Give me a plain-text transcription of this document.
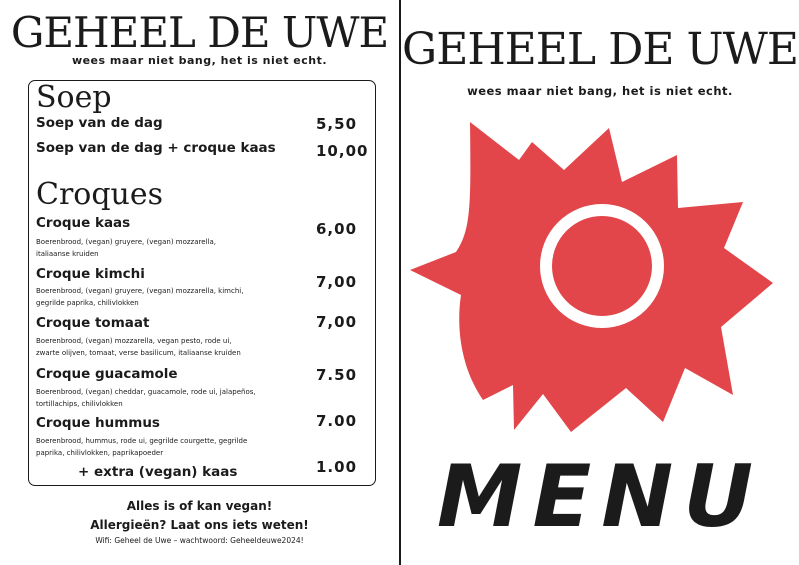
GEHEEL DE UWE
wees maar niet bang, het is niet echt.
Soep
Soep van de dag	5,50
Soep van de dag + croque kaas	10,00
Croques
Croque kaas	6,00
Boerenbrood, (vegan) gruyere, (vegan) mozzarella,
italiaanse kruiden
Croque kimchi	7,00
Boerenbrood, (vegan) gruyere, (vegan) mozzarella, kimchi,
gegrilde paprika, chilivlokken
Croque tomaat	7,00
Boerenbrood, (vegan) mozzarella, vegan pesto, rode ui,
zwarte olijven, tomaat, verse basilicum, italiaanse kruiden
Croque guacamole	7.50
Boerenbrood, (vegan) cheddar, guacamole, rode ui, jalapeños,
tortillachips, chilivlokken
Croque hummus	7.00
Boerenbrood, hummus, rode ui, gegrilde courgette, gegrilde
paprika, chilivlokken, paprikapoeder
+ extra (vegan) kaas	1.00
Alles is of kan vegan!
Allergieën? Laat ons iets weten!
Wifi: Geheel de Uwe – wachtwoord: Geheeldeuwe2024!
GEHEEL DE UWE
wees maar niet bang, het is niet echt.
MENU
